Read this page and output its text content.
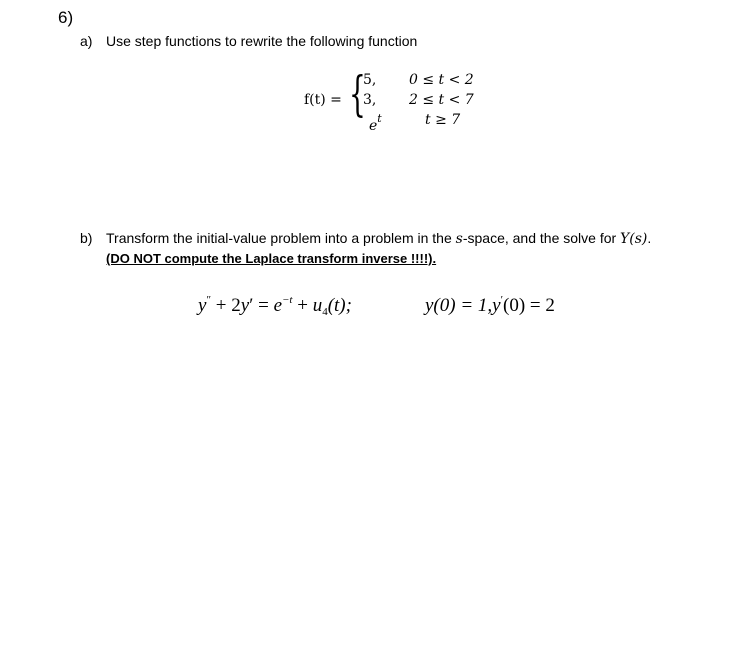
6)
a) Use step functions to rewrite the following function
f(t) = {
5, 0 ≤ t < 2
3, 2 ≤ t < 7
$e^t$	t ≥ 7
b) Transform the initial-value problem into a problem in the s-space, and the solve for Y(s).
(DO NOT compute the Laplace transform inverse !!!!).
$y'' + 2y' = e^{-t} + u_4(t)$;	y(0) = 1,y′(0) = 2
